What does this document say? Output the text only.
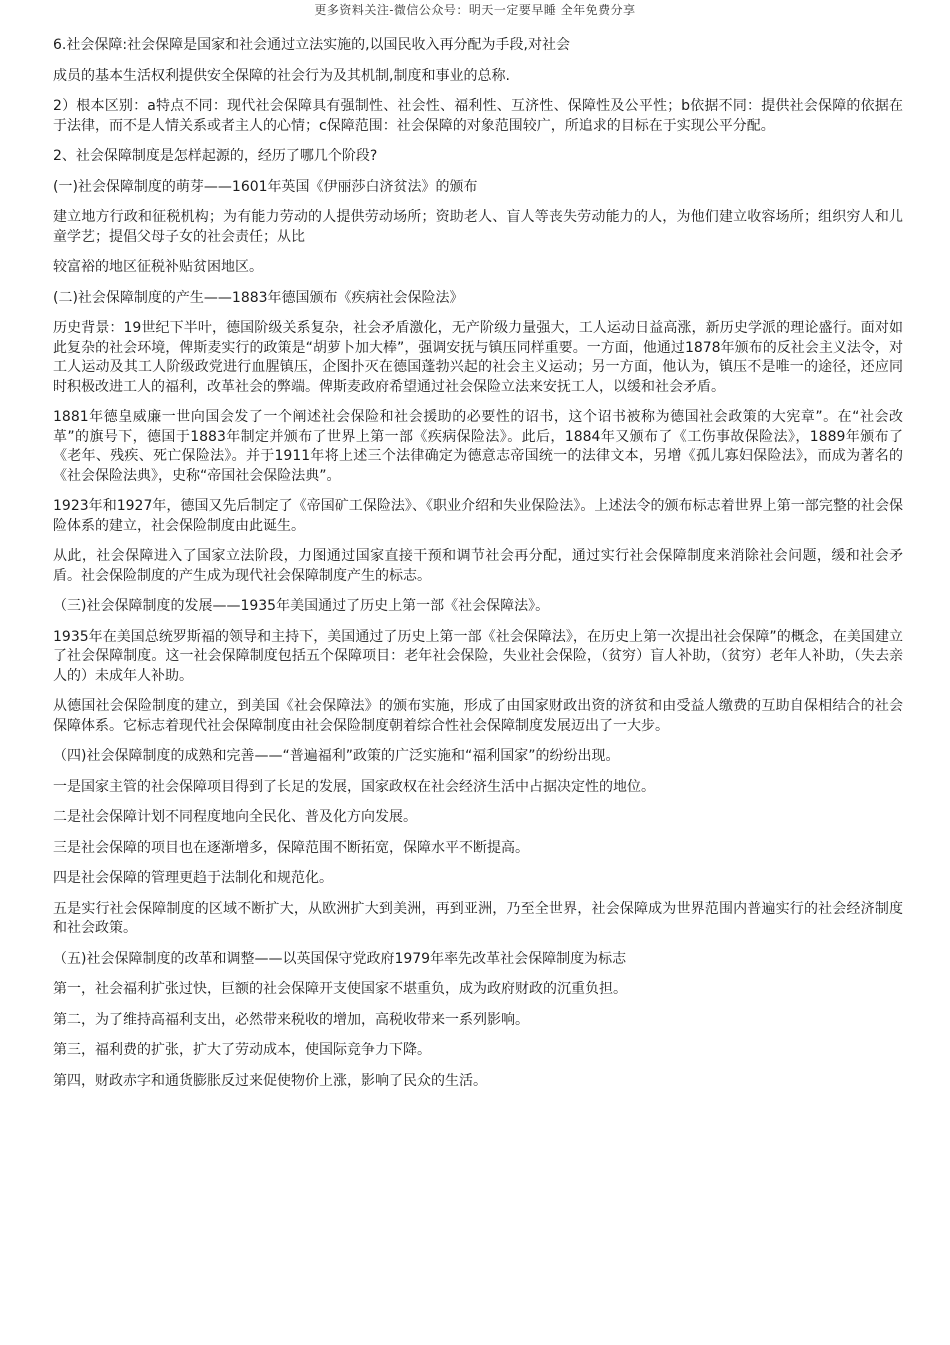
更多资料关注-微信公众号：明天一定要早睡 全年免费分享

6.社会保障:社会保障是国家和社会通过立法实施的,以国民收入再分配为手段,对社会

成员的基本生活权利提供安全保障的社会行为及其机制,制度和事业的总称.

2）根本区别：a特点不同：现代社会保障具有强制性、社会性、福利性、互济性、保障性及公平性；b依据不同：提供社会保障的依据在于法律，而不是人情关系或者主人的心情；c保障范围：社会保障的对象范围较广，所追求的目标在于实现公平分配。

2、社会保障制度是怎样起源的，经历了哪几个阶段?

(一)社会保障制度的萌芽——1601年英国《伊丽莎白济贫法》的颁布

建立地方行政和征税机构；为有能力劳动的人提供劳动场所；资助老人、盲人等丧失劳动能力的人，为他们建立收容场所；组织穷人和儿童学艺；提倡父母子女的社会责任；从比

较富裕的地区征税补贴贫困地区。

(二)社会保障制度的产生——1883年德国颁布《疾病社会保险法》

历史背景：19世纪下半叶，德国阶级关系复杂，社会矛盾激化，无产阶级力量强大，工人运动日益高涨，新历史学派的理论盛行。面对如此复杂的社会环境，俾斯麦实行的政策是“胡萝卜加大棒”，强调安抚与镇压同样重要。一方面，他通过1878年颁布的反社会主义法令，对工人运动及其工人阶级政党进行血腥镇压，企图扑灭在德国蓬勃兴起的社会主义运动；另一方面，他认为，镇压不是唯一的途径，还应同时积极改进工人的福利，改革社会的弊端。俾斯麦政府希望通过社会保险立法来安抚工人，以缓和社会矛盾。

1881年德皇威廉一世向国会发了一个阐述社会保险和社会援助的必要性的诏书，这个诏书被称为德国社会政策的大宪章”。在“社会改革”的旗号下，德国于1883年制定并颁布了世界上第一部《疾病保险法》。此后，1884年又颁布了《工伤事故保险法》，1889年颁布了《老年、残疾、死亡保险法》。并于1911年将上述三个法律确定为德意志帝国统一的法律文本，另增《孤儿寡妇保险法》，而成为著名的《社会保险法典》，史称“帝国社会保险法典”。

1923年和1927年，德国又先后制定了《帝国矿工保险法》、《职业介绍和失业保险法》。上述法令的颁布标志着世界上第一部完整的社会保险体系的建立，社会保险制度由此诞生。

从此，社会保障进入了国家立法阶段，力图通过国家直接干预和调节社会再分配，通过实行社会保障制度来消除社会问题，缓和社会矛盾。社会保险制度的产生成为现代社会保障制度产生的标志。

（三)社会保障制度的发展——1935年美国通过了历史上第一部《社会保障法》。

1935年在美国总统罗斯福的领导和主持下，美国通过了历史上第一部《社会保障法》，在历史上第一次提出社会保障”的概念，在美国建立了社会保障制度。这一社会保障制度包括五个保障项目：老年社会保险，失业社会保险，（贫穷）盲人补助，（贫穷）老年人补助，（失去亲人的）未成年人补助。

从德国社会保险制度的建立，到美国《社会保障法》的颁布实施，形成了由国家财政出资的济贫和由受益人缴费的互助自保相结合的社会保障体系。它标志着现代社会保障制度由社会保险制度朝着综合性社会保障制度发展迈出了一大步。

（四)社会保障制度的成熟和完善——“普遍福利”政策的广泛实施和“福利国家”的纷纷出现。

一是国家主管的社会保障项目得到了长足的发展，国家政权在社会经济生活中占据决定性的地位。

二是社会保障计划不同程度地向全民化、普及化方向发展。

三是社会保障的项目也在逐渐增多，保障范围不断拓宽，保障水平不断提高。

四是社会保障的管理更趋于法制化和规范化。

五是实行社会保障制度的区域不断扩大，从欧洲扩大到美洲，再到亚洲，乃至全世界，社会保障成为世界范围内普遍实行的社会经济制度和社会政策。

（五)社会保障制度的改革和调整——以英国保守党政府1979年率先改革社会保障制度为标志

第一，社会福利扩张过快，巨额的社会保障开支使国家不堪重负，成为政府财政的沉重负担。

第二，为了维持高福利支出，必然带来税收的增加，高税收带来一系列影响。

第三，福利费的扩张，扩大了劳动成本，使国际竞争力下降。

第四，财政赤字和通货膨胀反过来促使物价上涨，影响了民众的生活。
